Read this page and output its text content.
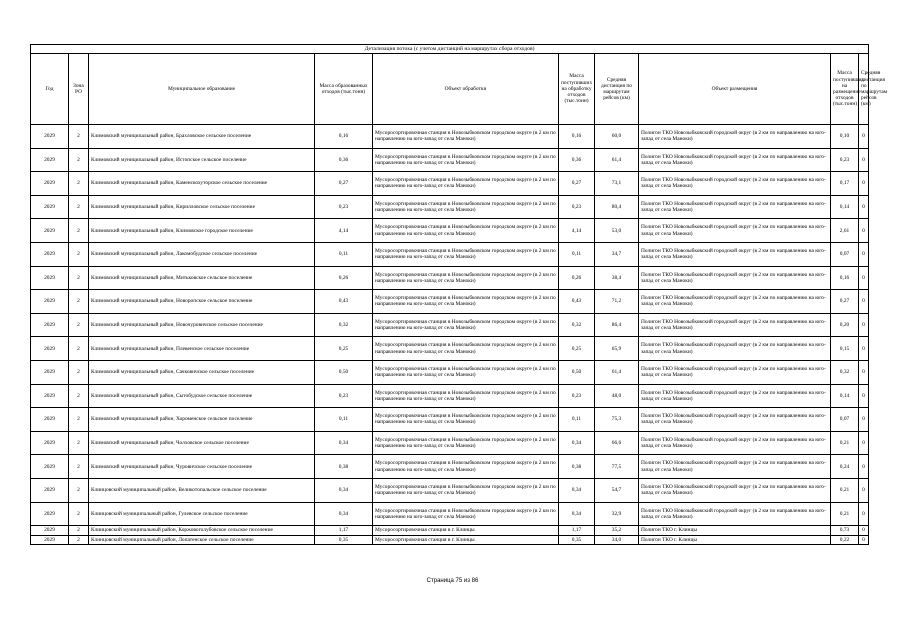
Детализация потока (с учетом дистанций на маршрутах сбора отходов)									
Год	Зона РО	Муниципальное образование	Масса образованных отходов (тыс.тонн)	Объект обработки	Масса поступивших на обработку отходов (тыс.тонн)	Средняя дистанция по маршрутам рейсов (км)	Объект размещения	Масса поступивших на размещение отходов (тыс.тонн)	Средняя дистанция по маршрутам рейсов (км)
2029	2	Климовский муниципальный район, Брахловское сельское поселение	0,16	Мусоросортировочная станция в Новозыбковском городском округе (в 2 км по направлению на юго-запад от села Маноки)	0,16	60,0	Полигон ТКО Новозыбковский городской округ (в 2 км по направлению на юго-запад от села Маноки)	0,10	0
2029	2	Климовский муниципальный район, Истопское сельское поселение	0,36	Мусоросортировочная станция в Новозыбковском городском округе (в 2 км по направлению на юго-запад от села Маноки)	0,36	61,4	Полигон ТКО Новозыбковский городской округ (в 2 км по направлению на юго-запад от села Маноки)	0,23	0
2029	2	Климовский муниципальный район, Каменскохуторское сельское поселение	0,27	Мусоросортировочная станция в Новозыбковском городском округе (в 2 км по направлению на юго-запад от села Маноки)	0,27	73,1	Полигон ТКО Новозыбковский городской округ (в 2 км по направлению на юго-запад от села Маноки)	0,17	0
2029	2	Климовский муниципальный район, Кирилловское сельское поселение	0,23	Мусоросортировочная станция в Новозыбковском городском округе (в 2 км по направлению на юго-запад от села Маноки)	0,23	80,4	Полигон ТКО Новозыбковский городской округ (в 2 км по направлению на юго-запад от села Маноки)	0,14	0
2029	2	Климовский муниципальный район, Климовское городское поселение	4,14	Мусоросортировочная станция в Новозыбковском городском округе (в 2 км по направлению на юго-запад от села Маноки)	4,14	53,0	Полигон ТКО Новозыбковский городской округ (в 2 км по направлению на юго-запад от села Маноки)	2,61	0
2029	2	Климовский муниципальный район, Лакомобудское сельское поселение	0,11	Мусоросортировочная станция в Новозыбковском городском округе (в 2 км по направлению на юго-запад от села Маноки)	0,11	34,7	Полигон ТКО Новозыбковский городской округ (в 2 км по направлению на юго-запад от села Маноки)	0,07	0
2029	2	Климовский муниципальный район, Митьковское сельское поселение	0,26	Мусоросортировочная станция в Новозыбковском городском округе (в 2 км по направлению на юго-запад от села Маноки)	0,26	38,4	Полигон ТКО Новозыбковский городской округ (в 2 км по направлению на юго-запад от села Маноки)	0,16	0
2029	2	Климовский муниципальный район, Новоропское сельское поселение	0,43	Мусоросортировочная станция в Новозыбковском городском округе (в 2 км по направлению на юго-запад от села Маноки)	0,43	71,2	Полигон ТКО Новозыбковский городской округ (в 2 км по направлению на юго-запад от села Маноки)	0,27	0
2029	2	Климовский муниципальный район, Новочуровичское сельское поселение	0,32	Мусоросортировочная станция в Новозыбковском городском округе (в 2 км по направлению на юго-запад от села Маноки)	0,32	86,4	Полигон ТКО Новозыбковский городской округ (в 2 км по направлению на юго-запад от села Маноки)	0,20	0
2029	2	Климовский муниципальный район, Плевенское сельское поселение	0,25	Мусоросортировочная станция в Новозыбковском городском округе (в 2 км по направлению на юго-запад от села Маноки)	0,25	65,9	Полигон ТКО Новозыбковский городской округ (в 2 км по направлению на юго-запад от села Маноки)	0,15	0
2029	2	Климовский муниципальный район, Сачковичское сельское поселение	0,50	Мусоросортировочная станция в Новозыбковском городском округе (в 2 км по направлению на юго-запад от села Маноки)	0,50	61,4	Полигон ТКО Новозыбковский городской округ (в 2 км по направлению на юго-запад от села Маноки)	0,32	0
2029	2	Климовский муниципальный район, Сытобудское сельское поселение	0,23	Мусоросортировочная станция в Новозыбковском городском округе (в 2 км по направлению на юго-запад от села Маноки)	0,23	48,0	Полигон ТКО Новозыбковский городской округ (в 2 км по направлению на юго-запад от села Маноки)	0,14	0
2029	2	Климовский муниципальный район, Хороменское сельское поселение	0,11	Мусоросортировочная станция в Новозыбковском городском округе (в 2 км по направлению на юго-запад от села Маноки)	0,11	75,3	Полигон ТКО Новозыбковский городской округ (в 2 км по направлению на юго-запад от села Маноки)	0,07	0
2029	2	Климовский муниципальный район, Чолховское сельское поселение	0,34	Мусоросортировочная станция в Новозыбковском городском округе (в 2 км по направлению на юго-запад от села Маноки)	0,34	66,6	Полигон ТКО Новозыбковский городской округ (в 2 км по направлению на юго-запад от села Маноки)	0,21	0
2029	2	Климовский муниципальный район, Чуровичское сельское поселение	0,38	Мусоросортировочная станция в Новозыбковском городском округе (в 2 км по направлению на юго-запад от села Маноки)	0,38	77,5	Полигон ТКО Новозыбковский городской округ (в 2 км по направлению на юго-запад от села Маноки)	0,24	0
2029	2	Клинцовский муниципальный район, Великотопальское сельское поселение	0,34	Мусоросортировочная станция в Новозыбковском городском округе (в 2 км по направлению на юго-запад от села Маноки)	0,34	54,7	Полигон ТКО Новозыбковский городской округ (в 2 км по направлению на юго-запад от села Маноки)	0,21	0
2029	2	Клинцовский муниципальный район, Гулевское сельское поселение	0,34	Мусоросортировочная станция в Новозыбковском городском округе (в 2 км по направлению на юго-запад от села Маноки)	0,34	32,9	Полигон ТКО Новозыбковский городской округ (в 2 км по направлению на юго-запад от села Маноки)	0,21	0
2029	2	Клинцовский муниципальный район, Коржовоголубовское сельское поселение	1,17	Мусоросортировочная станция в г. Клинцы	1,17	35,2	Полигон ТКО г. Клинцы	0,73	0
2029	2	Клинцовский муниципальный район, Лопатенское сельское поселение	0,35	Мусоросортировочная станция в г. Клинцы	0,35	34,0	Полигон ТКО г. Клинцы	0,22	0
Страница 75 из 86
